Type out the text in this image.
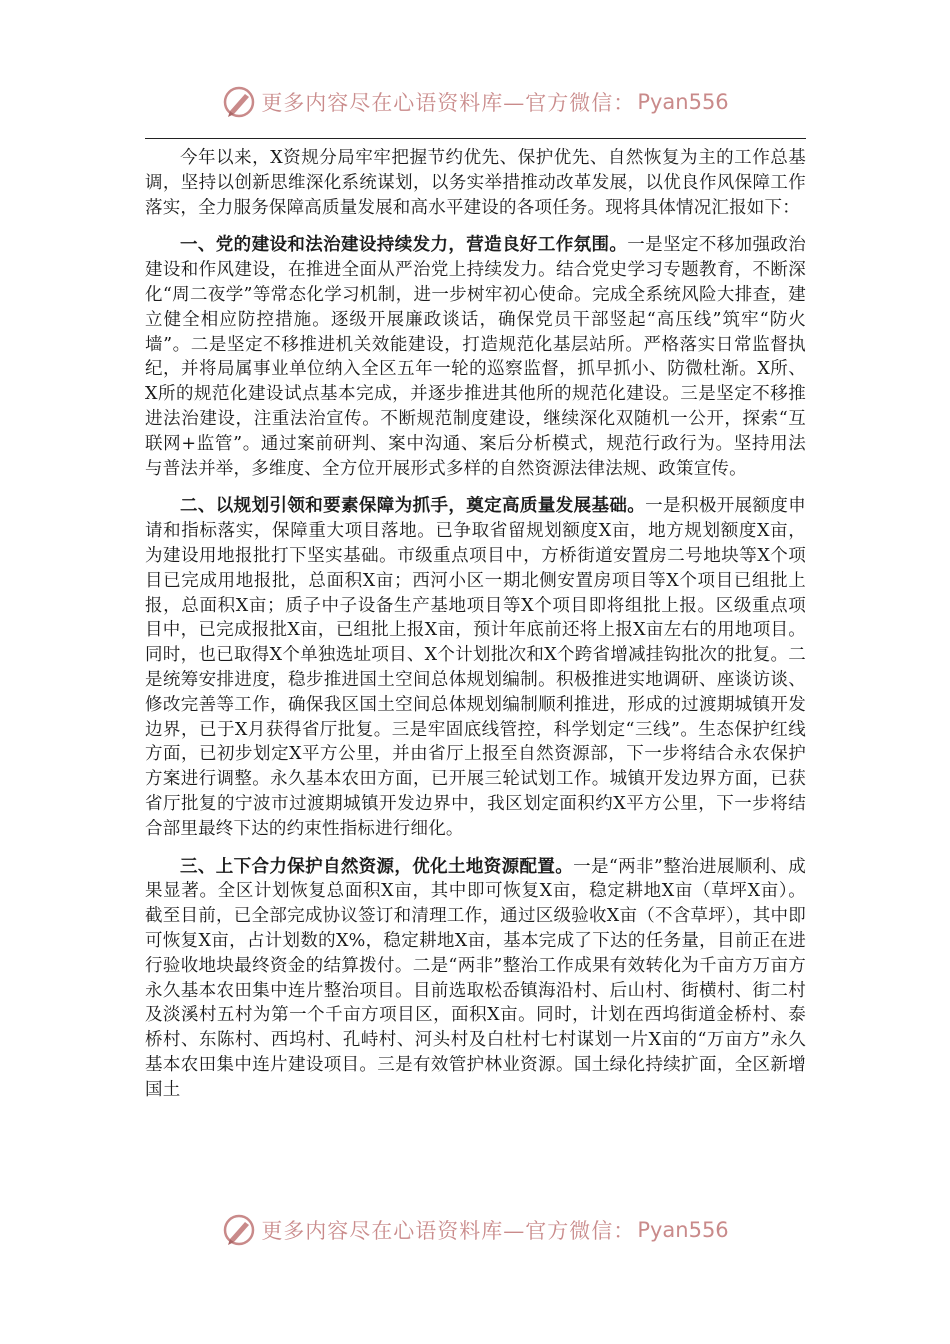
更多内容尽在心语资料库—官方微信： Pyan556

今年以来，X资规分局牢牢把握节约优先、保护优先、自然恢复为主的工作总基调，坚持以创新思维深化系统谋划，以务实举措推动改革发展，以优良作风保障工作落实，全力服务保障高质量发展和高水平建设的各项任务。现将具体情况汇报如下：

一、党的建设和法治建设持续发力，营造良好工作氛围。一是坚定不移加强政治建设和作风建设，在推进全面从严治党上持续发力。结合党史学习专题教育，不断深化“周二夜学”等常态化学习机制，进一步树牢初心使命。完成全系统风险大排查，建立健全相应防控措施。逐级开展廉政谈话，确保党员干部竖起“高压线”筑牢“防火墙”。二是坚定不移推进机关效能建设，打造规范化基层站所。严格落实日常监督执纪，并将局属事业单位纳入全区五年一轮的巡察监督，抓早抓小、防微杜渐。X所、X所的规范化建设试点基本完成，并逐步推进其他所的规范化建设。三是坚定不移推进法治建设，注重法治宣传。不断规范制度建设，继续深化双随机一公开，探索“互联网+监管”。通过案前研判、案中沟通、案后分析模式，规范行政行为。坚持用法与普法并举，多维度、全方位开展形式多样的自然资源法律法规、政策宣传。

二、以规划引领和要素保障为抓手，奠定高质量发展基础。一是积极开展额度申请和指标落实，保障重大项目落地。已争取省留规划额度X亩，地方规划额度X亩，为建设用地报批打下坚实基础。市级重点项目中，方桥街道安置房二号地块等X个项目已完成用地报批，总面积X亩；西河小区一期北侧安置房项目等X个项目已组批上报，总面积X亩；质子中子设备生产基地项目等X个项目即将组批上报。区级重点项目中，已完成报批X亩，已组批上报X亩，预计年底前还将上报X亩左右的用地项目。同时，也已取得X个单独选址项目、X个计划批次和X个跨省增减挂钩批次的批复。二是统筹安排进度，稳步推进国土空间总体规划编制。积极推进实地调研、座谈访谈、修改完善等工作，确保我区国土空间总体规划编制顺利推进，形成的过渡期城镇开发边界，已于X月获得省厅批复。三是牢固底线管控，科学划定“三线”。生态保护红线方面，已初步划定X平方公里，并由省厅上报至自然资源部，下一步将结合永农保护方案进行调整。永久基本农田方面，已开展三轮试划工作。城镇开发边界方面，已获省厅批复的宁波市过渡期城镇开发边界中，我区划定面积约X平方公里，下一步将结合部里最终下达的约束性指标进行细化。

三、上下合力保护自然资源，优化土地资源配置。一是“两非”整治进展顺利、成果显著。全区计划恢复总面积X亩，其中即可恢复X亩，稳定耕地X亩（草坪X亩）。截至目前，已全部完成协议签订和清理工作，通过区级验收X亩（不含草坪），其中即可恢复X亩，占计划数的X%，稳定耕地X亩，基本完成了下达的任务量，目前正在进行验收地块最终资金的结算拨付。二是“两非”整治工作成果有效转化为千亩方万亩方永久基本农田集中连片整治项目。目前选取松岙镇海沿村、后山村、街横村、街二村及淡溪村五村为第一个千亩方项目区，面积X亩。同时，计划在西坞街道金桥村、泰桥村、东陈村、西坞村、孔峙村、河头村及白杜村七村谋划一片X亩的“万亩方”永久基本农田集中连片建设项目。三是有效管护林业资源。国土绿化持续扩面，全区新增国土

更多内容尽在心语资料库—官方微信： Pyan556
